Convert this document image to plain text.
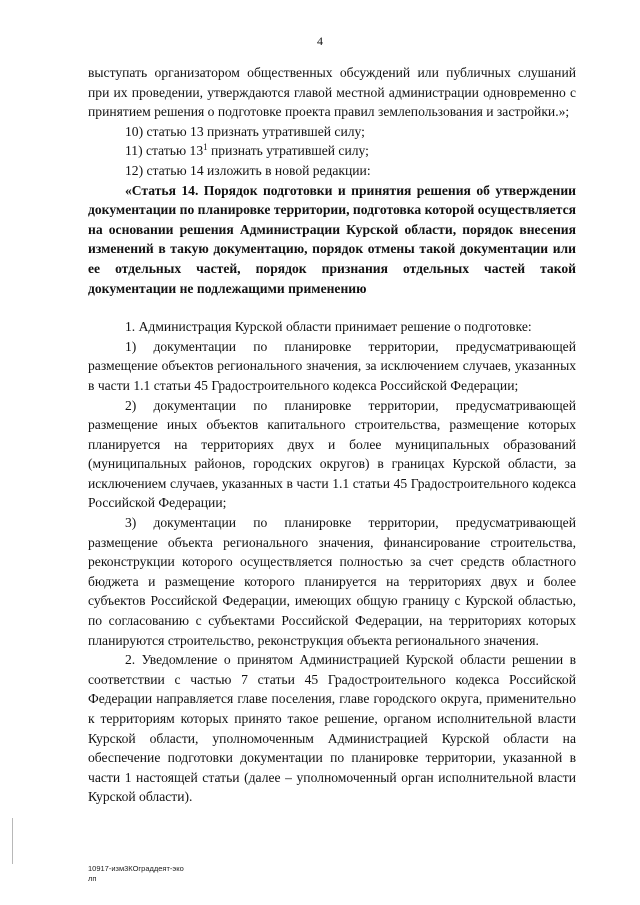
4

выступать организатором общественных обсуждений или публичных слушаний при их проведении, утверждаются главой местной администрации одновременно с принятием решения о подготовке проекта правил землепользования и застройки.»;

10) статью 13 признать утратившей силу;

11) статью $13^1$ признать утратившей силу;

12) статью 14 изложить в новой редакции:

«Статья 14. Порядок подготовки и принятия решения об утверждении документации по планировке территории, подготовка которой осуществляется на основании решения Администрации Курской области, порядок внесения изменений в такую документацию, порядок отмены такой документации или ее отдельных частей, порядок признания отдельных частей такой документации не подлежащими применению

1. Администрация Курской области принимает решение о подготовке:

1) документации по планировке территории, предусматривающей размещение объектов регионального значения, за исключением случаев, указанных в части 1.1 статьи 45 Градостроительного кодекса Российской Федерации;

2) документации по планировке территории, предусматривающей размещение иных объектов капитального строительства, размещение которых планируется на территориях двух и более муниципальных образований (муниципальных районов, городских округов) в границах Курской области, за исключением случаев, указанных в части 1.1 статьи 45 Градостроительного кодекса Российской Федерации;

3) документации по планировке территории, предусматривающей размещение объекта регионального значения, финансирование строительства, реконструкции которого осуществляется полностью за счет средств областного бюджета и размещение которого планируется на территориях двух и более субъектов Российской Федерации, имеющих общую границу с Курской областью, по согласованию с субъектами Российской Федерации, на территориях которых планируются строительство, реконструкция объекта регионального значения.

2. Уведомление о принятом Администрацией Курской области решении в соответствии с частью 7 статьи 45 Градостроительного кодекса Российской Федерации направляется главе поселения, главе городского округа, применительно к территориям которых принято такое решение, органом исполнительной власти Курской области, уполномоченным Администрацией Курской области на обеспечение подготовки документации по планировке территории, указанной в части 1 настоящей статьи (далее – уполномоченный орган исполнительной власти Курской области).

10917-изм3КОграддеят-эко
лп
